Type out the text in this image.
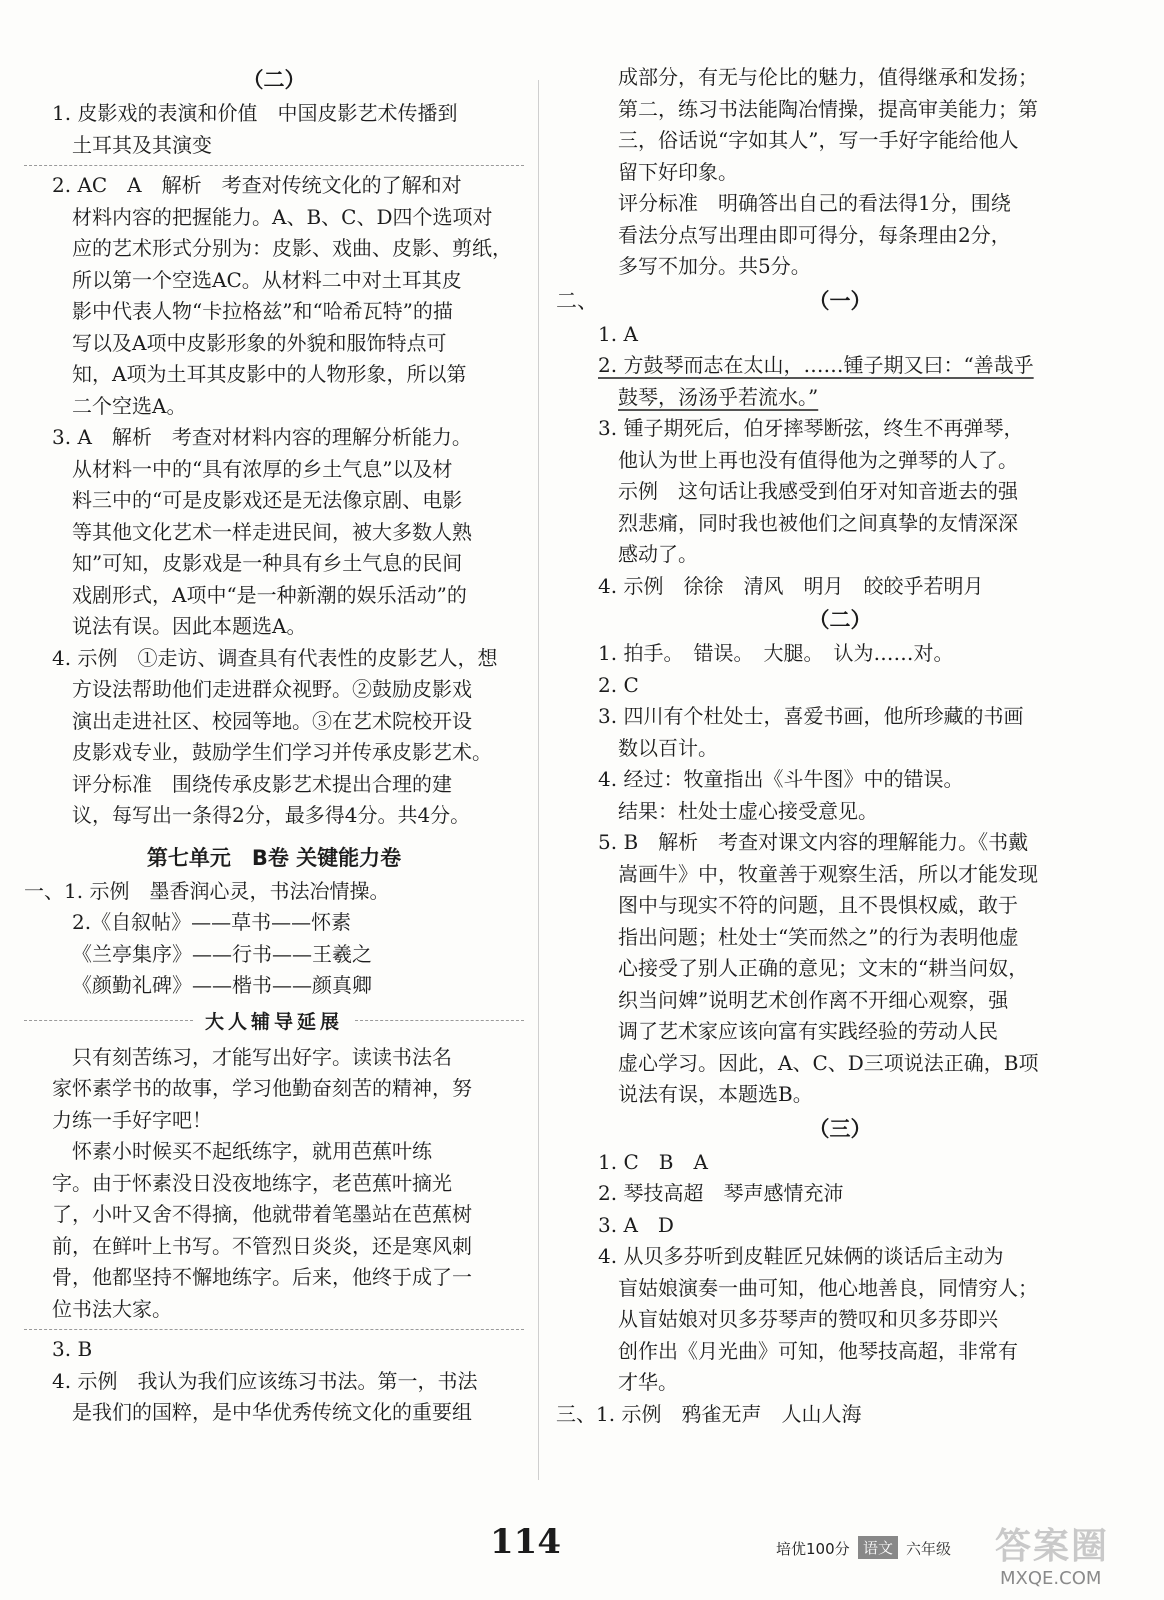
（二）
1. 皮影戏的表演和价值　中国皮影艺术传播到
土耳其及其演变
2. AC　A　解析　考查对传统文化的了解和对
材料内容的把握能力。A、B、C、D四个选项对
应的艺术形式分别为：皮影、戏曲、皮影、剪纸，
所以第一个空选AC。从材料二中对土耳其皮
影中代表人物“卡拉格兹”和“哈希瓦特”的描
写以及A项中皮影形象的外貌和服饰特点可
知，A项为土耳其皮影中的人物形象，所以第
二个空选A。
3. A　解析　考查对材料内容的理解分析能力。
从材料一中的“具有浓厚的乡土气息”以及材
料三中的“可是皮影戏还是无法像京剧、电影
等其他文化艺术一样走进民间，被大多数人熟
知”可知，皮影戏是一种具有乡土气息的民间
戏剧形式，A项中“是一种新潮的娱乐活动”的
说法有误。因此本题选A。
4. 示例　①走访、调查具有代表性的皮影艺人，想
方设法帮助他们走进群众视野。②鼓励皮影戏
演出走进社区、校园等地。③在艺术院校开设
皮影戏专业，鼓励学生们学习并传承皮影艺术。
评分标准　围绕传承皮影艺术提出合理的建
议，每写出一条得2分，最多得4分。共4分。
第七单元　B卷 关键能力卷
一、1. 示例　墨香润心灵，书法冶情操。
2.《自叙帖》——草书——怀素
《兰亭集序》——行书——王羲之
《颜勤礼碑》——楷书——颜真卿
大人辅导延展
只有刻苦练习，才能写出好字。读读书法名
家怀素学书的故事，学习他勤奋刻苦的精神，努
力练一手好字吧！
怀素小时候买不起纸练字，就用芭蕉叶练
字。由于怀素没日没夜地练字，老芭蕉叶摘光
了，小叶又舍不得摘，他就带着笔墨站在芭蕉树
前，在鲜叶上书写。不管烈日炎炎，还是寒风刺
骨，他都坚持不懈地练字。后来，他终于成了一
位书法大家。
3. B
4. 示例　我认为我们应该练习书法。第一，书法
是我们的国粹，是中华优秀传统文化的重要组
成部分，有无与伦比的魅力，值得继承和发扬；
第二，练习书法能陶冶情操，提高审美能力；第
三，俗话说“字如其人”，写一手好字能给他人
留下好印象。
评分标准　明确答出自己的看法得1分，围绕
看法分点写出理由即可得分，每条理由2分，
多写不加分。共5分。
二、	（一）
1. A
2. 方鼓琴而志在太山，……锺子期又曰：“善哉乎
鼓琴，汤汤乎若流水。”
3. 锺子期死后，伯牙摔琴断弦，终生不再弹琴，
他认为世上再也没有值得他为之弹琴的人了。
示例　这句话让我感受到伯牙对知音逝去的强
烈悲痛，同时我也被他们之间真挚的友情深深
感动了。
4. 示例　徐徐　清风　明月　皎皎乎若明月
（二）
1. 拍手。　错误。　大腿。　认为……对。
2. C
3. 四川有个杜处士，喜爱书画，他所珍藏的书画
数以百计。
4. 经过：牧童指出《斗牛图》中的错误。
结果：杜处士虚心接受意见。
5. B　解析　考查对课文内容的理解能力。《书戴
嵩画牛》中，牧童善于观察生活，所以才能发现
图中与现实不符的问题，且不畏惧权威，敢于
指出问题；杜处士“笑而然之”的行为表明他虚
心接受了别人正确的意见；文末的“耕当问奴，
织当问婢”说明艺术创作离不开细心观察，强
调了艺术家应该向富有实践经验的劳动人民
虚心学习。因此，A、C、D三项说法正确，B项
说法有误，本题选B。
（三）
1. C　B　A
2. 琴技高超　琴声感情充沛
3. A　D
4. 从贝多芬听到皮鞋匠兄妹俩的谈话后主动为
盲姑娘演奏一曲可知，他心地善良，同情穷人；
从盲姑娘对贝多芬琴声的赞叹和贝多芬即兴
创作出《月光曲》可知，他琴技高超，非常有
才华。
三、1. 示例　鸦雀无声　人山人海
114	培优100分 语文 六年级 答案圈
MXQE.COM
